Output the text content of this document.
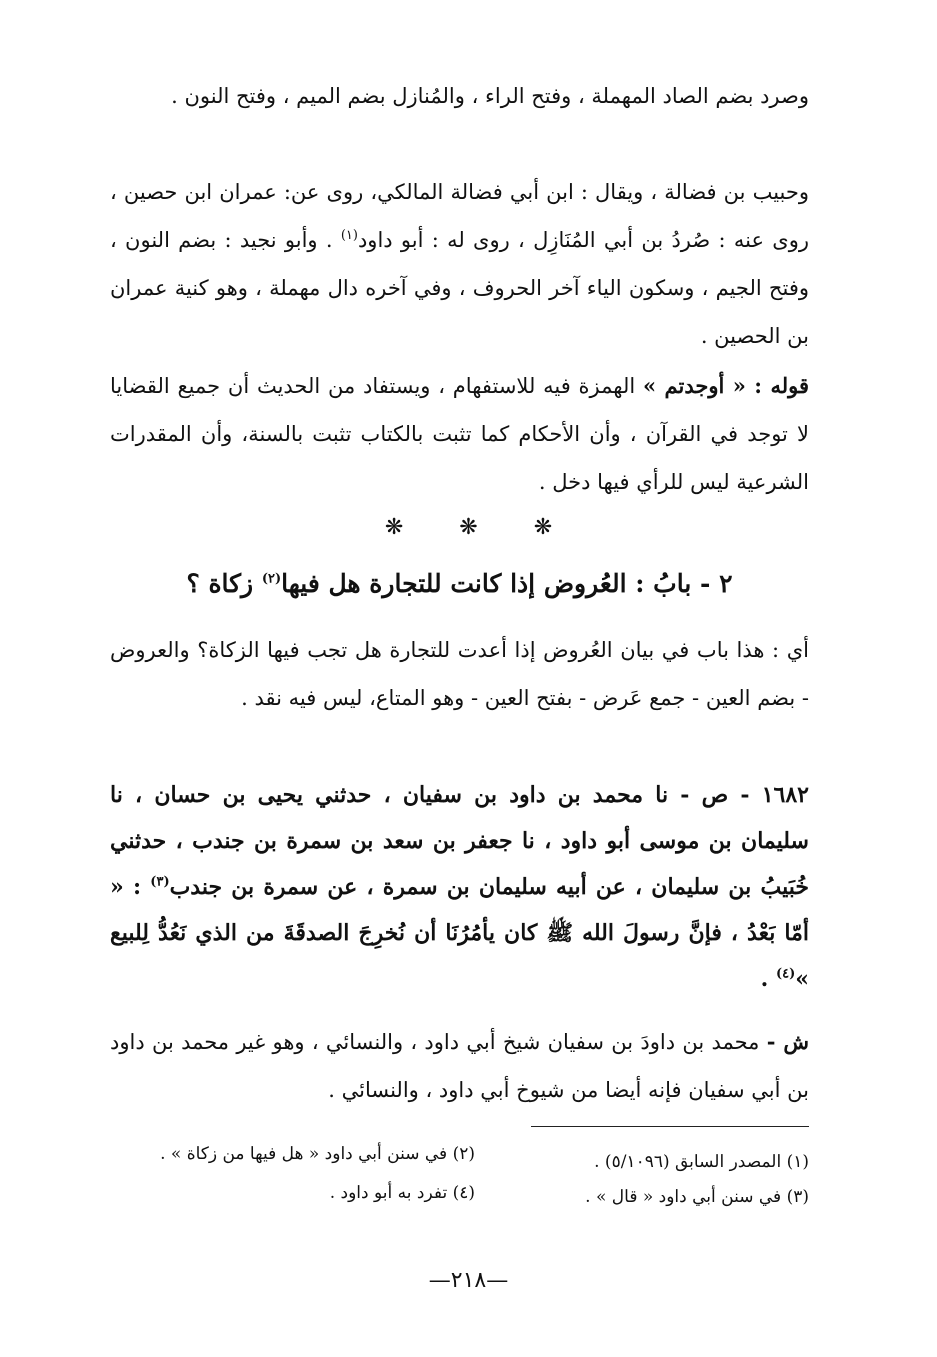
وصرد بضم الصاد المهملة ، وفتح الراء ، والمُنازل بضم الميم ، وفتح النون .

وحبيب بن فضالة ، ويقال : ابن أبي فضالة المالكي، روى عن: عمران ابن حصين ، روى عنه : صُردُ بن أبي المُنَازِل ، روى له : أبو داود$^{(١)}$ . وأبو نجيد : بضم النون ، وفتح الجيم ، وسكون الياء آخر الحروف ، وفي آخره دال مهملة ، وهو كنية عمران بن الحصين .

قوله : « أوجدتم » الهمزة فيه للاستفهام ، ويستفاد من الحديث أن جميع القضايا لا توجد في القرآن ، وأن الأحكام كما تثبت بالكتاب تثبت بالسنة، وأن المقدرات الشرعية ليس للرأي فيها دخل .

❋	❋	❋
٢ - بابُ : العُروض إذا كانت للتجارة هل فيها$^{(٢)}$ زكاة ؟

أي : هذا باب في بيان العُروض إذا أعدت للتجارة هل تجب فيها الزكاة؟ والعروض - بضم العين - جمع عَرض - بفتح العين - وهو المتاع، ليس فيه نقد .

١٦٨٢ - ص - نا محمد بن داود بن سفيان ، حدثني يحيى بن حسان ، نا سليمان بن موسى أبو داود ، نا جعفر بن سعد بن سمرة بن جندب ، حدثني خُبَيبُ بن سليمان ، عن أبيه سليمان بن سمرة ، عن سمرة بن جندب$^{(٣)}$ : « أمّا بَعْدُ ، فإنَّ رسولَ الله ﷺ كان يأمُرُنَا أن نُخرِجَ الصدقَةَ من الذي نَعُدُّ لِلبيع »$^{(٤)}$ .

ش - محمد بن داودَ بن سفيان شيخ أبي داود ، والنسائي ، وهو غير محمد بن داود بن أبي سفيان فإنه أيضا من شيوخ أبي داود ، والنسائي .

(١) المصدر السابق (٥/١٠٩٦) .
(٢) في سنن أبي داود « هل فيها من زكاة » .
(٣) في سنن أبي داود « قال » .
(٤) تفرد به أبو داود .
—٢١٨—
